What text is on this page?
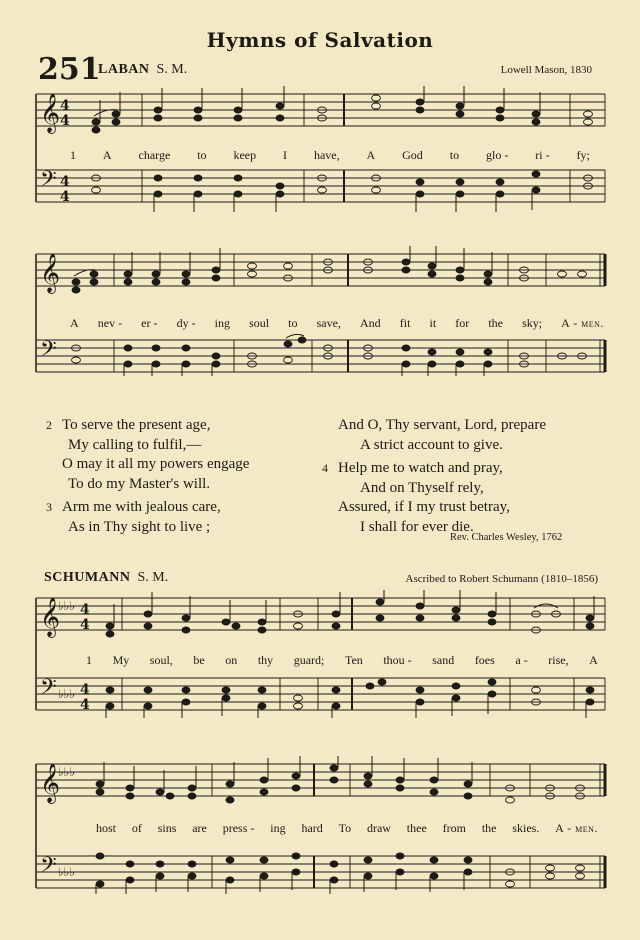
Hymns of Salvation
251
LABAN S. M.	Lowell Mason, 1830
𝄞 4
4
𝄢 4
4
1 A charge to keep I have, A God to glo - ri - fy;
𝄞
𝄢
A nev - er - dy - ing soul to save, And fit it for the sky; A - men.
2 To serve the present age,
My calling to fulfil,—
O may it all my powers engage
To do my Master's will.
3 Arm me with jealous care,
As in Thy sight to live ;
And O, Thy servant, Lord, prepare
A strict account to give.
4 Help me to watch and pray,
And on Thyself rely,
Assured, if I my trust betray,
I shall for ever die.
Rev. Charles Wesley, 1762
SCHUMANN S. M.	Ascribed to Robert Schumann (1810–1856)
𝄞
♭♭♭ 4
4
𝄢 ♭♭♭ 4
4
1 My soul, be on thy guard; Ten thou - sand foes a - rise, A
𝄞
♭♭♭
𝄢 ♭♭♭
host of sins are press - ing hard To draw thee from the skies. A - men.
